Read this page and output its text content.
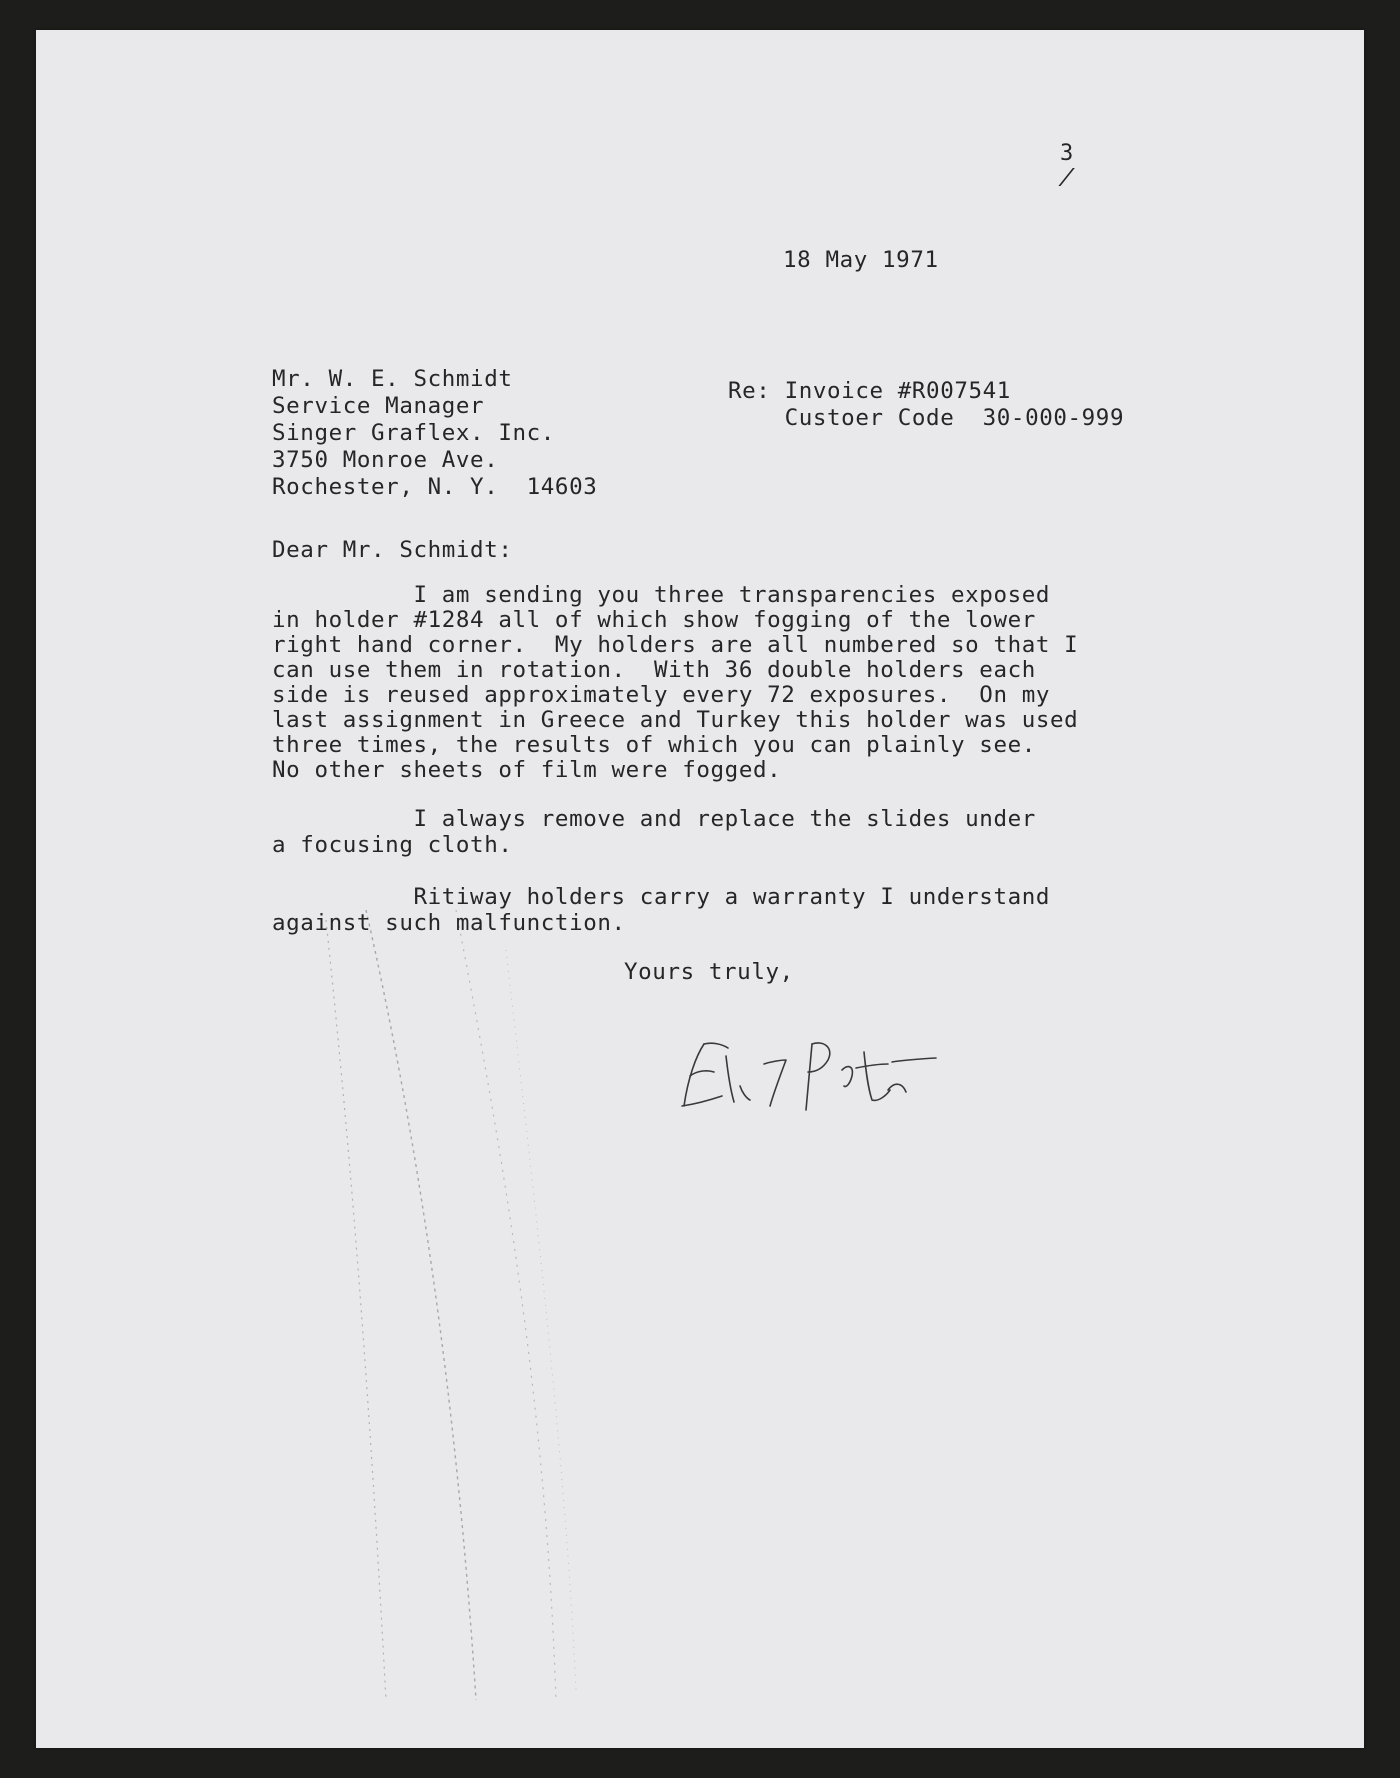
3
/
18 May 1971
Mr. W. E. Schmidt
Service Manager
Singer Graflex. Inc.
3750 Monroe Ave.
Rochester, N. Y.  14603
Re: Invoice #R007541
Custoer Code  30-000-999
Dear Mr. Schmidt:
I am sending you three transparencies exposed
in holder #1284 all of which show fogging of the lower
right hand corner.  My holders are all numbered so that I
can use them in rotation.  With 36 double holders each
side is reused approximately every 72 exposures.  On my
last assignment in Greece and Turkey this holder was used
three times, the results of which you can plainly see.
No other sheets of film were fogged.
I always remove and replace the slides under
a focusing cloth.
Ritiway holders carry a warranty I understand
against such malfunction.
Yours truly,
